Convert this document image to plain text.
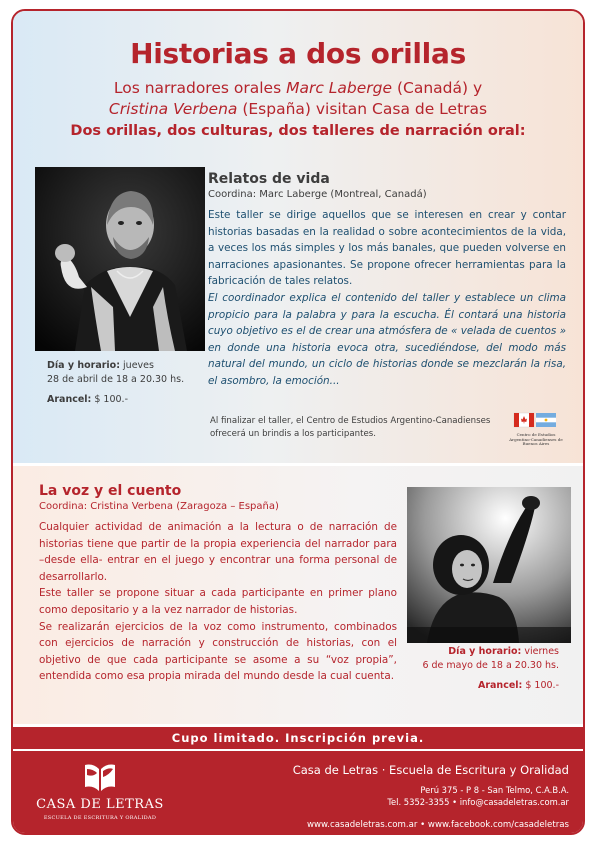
Historias a dos orillas
Los narradores orales Marc Laberge (Canadá) y
Cristina Verbena (España) visitan Casa de Letras
Dos orillas, dos culturas, dos talleres de narración oral:
Relatos de vida
Coordina: Marc Laberge (Montreal, Canadá)

Este taller se dirige aquellos que se interesen en crear y contar historias basadas en la realidad o sobre acontecimientos de la vida, a veces los más simples y los más banales, que pueden volverse en narraciones apasionantes. Se propone ofrecer herramientas para la fabricación de tales relatos.

El coordinador explica el contenido del taller y establece un clima propicio para la palabra y para la escucha. Él contará una historia cuyo objetivo es el de crear una atmósfera de « velada de cuentos » en donde una historia evoca otra, sucediéndose, del modo más natural del mundo, un ciclo de historias donde se mezclarán la risa, el asombro, la emoción...

Día y horario: jueves
28 de abril de 18 a 20.30 hs.
Arancel: $ 100.-
Al finalizar el taller, el Centro de Estudios Argentino-Canadienses ofrecerá un brindis a los participantes.	Centro de Estudios Argentino-Canadienses de Buenos Aires
La voz y el cuento
Coordina: Cristina Verbena (Zaragoza – España)

Cualquier actividad de animación a la lectura o de narración de historias tiene que partir de la propia experiencia del narrador para –desde ella- entrar en el juego y encontrar una forma personal de desarrollarlo.

Este taller se propone situar a cada participante en primer plano como depositario y a la vez narrador de historias.

Se realizarán ejercicios de la voz como instrumento, combinados con ejercicios de narración y construcción de historias, con el objetivo de que cada participante se asome a su “voz propia”, entendida como esa propia mirada del mundo desde la cual cuenta.

Día y horario: viernes
6 de mayo de 18 a 20.30 hs.
Arancel: $ 100.-
Cupo limitado. Inscripción previa.
CASA DE LETRAS
ESCUELA DE ESCRITURA Y ORALIDAD
Casa de Letras · Escuela de Escritura y Oralidad
Perú 375 - P 8 - San Telmo, C.A.B.A.
Tel. 5352-3355 • info@casadeletras.com.ar
www.casadeletras.com.ar • www.facebook.com/casadeletras
